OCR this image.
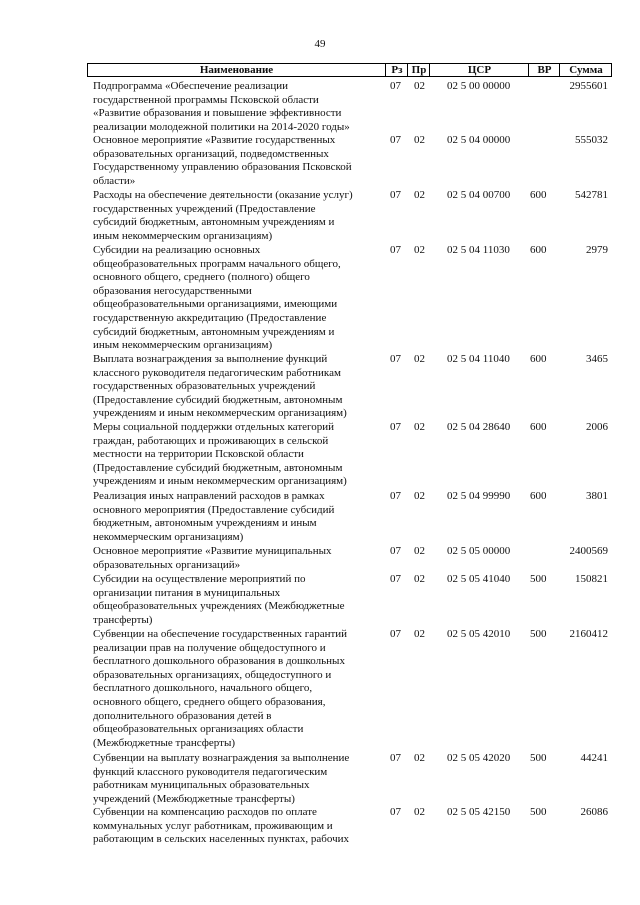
49
Наименование	Рз Пр	ЦСР	ВР	Сумма
Подпрограмма «Обеспечение реализации
государственной программы Псковской области
«Развитие образования и повышение эффективности
реализации молодежной политики на 2014-2020 годы»
07 02 02 5 00 00000	2955601
Основное мероприятие «Развитие государственных
образовательных организаций, подведомственных
Государственному управлению образования Псковской
области»
07 02 02 5 04 00000	555032
Расходы на обеспечение деятельности (оказание услуг)
государственных учреждений (Предоставление
субсидий бюджетным, автономным учреждениям и
иным некоммерческим организациям)
07 02 02 5 04 00700 600	542781
Субсидии на реализацию основных
общеобразовательных программ начального общего,
основного общего, среднего (полного) общего
образования негосударственными
общеобразовательными организациями, имеющими
государственную аккредитацию (Предоставление
субсидий бюджетным, автономным учреждениям и
иным некоммерческим организациям)
07 02 02 5 04 11030 600	2979
Выплата вознаграждения за выполнение функций
классного руководителя педагогическим работникам
государственных образовательных учреждений
(Предоставление субсидий бюджетным, автономным
учреждениям и иным некоммерческим организациям)
07 02 02 5 04 11040 600	3465
Меры социальной поддержки отдельных категорий
граждан, работающих и проживающих в сельской
местности на территории Псковской области
(Предоставление субсидий бюджетным, автономным
учреждениям и иным некоммерческим организациям)
07 02 02 5 04 28640 600	2006
Реализация иных направлений расходов в рамках
основного мероприятия (Предоставление субсидий
бюджетным, автономным учреждениям и иным
некоммерческим организациям)
07 02 02 5 04 99990 600	3801
Основное мероприятие «Развитие муниципальных
образовательных организаций»
07 02 02 5 05 00000	2400569
Субсидии на осуществление мероприятий по
организации питания в муниципальных
общеобразовательных учреждениях (Межбюджетные
трансферты)
07 02 02 5 05 41040 500	150821
Субвенции на обеспечение государственных гарантий
реализации прав на получение общедоступного и
бесплатного дошкольного образования в дошкольных
образовательных организациях, общедоступного и
бесплатного дошкольного, начального общего,
основного общего, среднего общего образования,
дополнительного образования детей в
общеобразовательных организациях области
(Межбюджетные трансферты)
07 02 02 5 05 42010 500 2160412
Субвенции на выплату вознаграждения за выполнение
функций классного руководителя педагогическим
работникам муниципальных образовательных
учреждений (Межбюджетные трансферты)
07 02 02 5 05 42020 500	44241
Субвенции на компенсацию расходов по оплате
коммунальных услуг работникам, проживающим и
работающим в сельских населенных пунктах, рабочих
07 02 02 5 05 42150 500	26086
